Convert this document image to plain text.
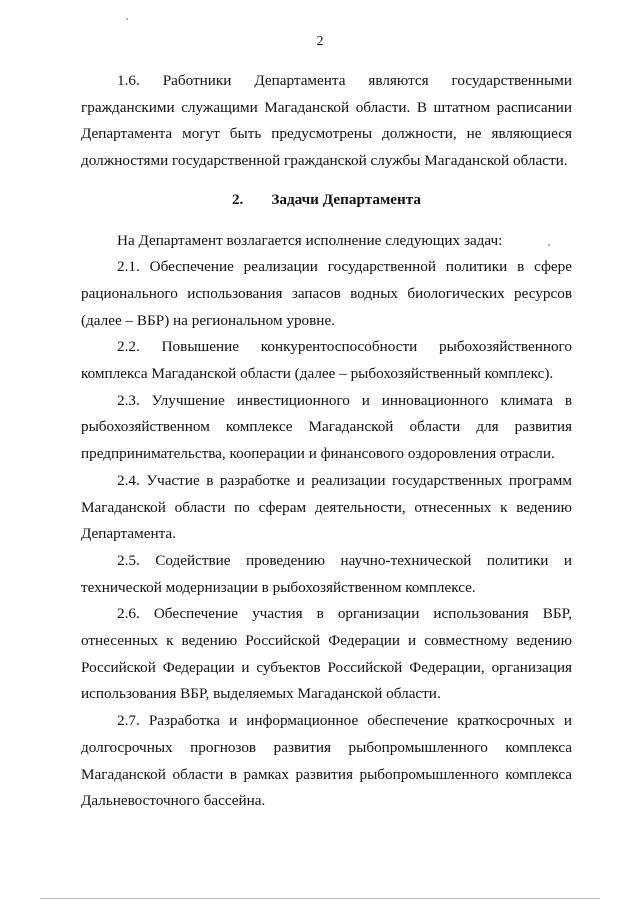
2

1.6. Работники Департамента являются государственными гражданскими служащими Магаданской области. В штатном расписании Департамента могут быть предусмотрены должности, не являющиеся должностями государственной гражданской службы Магаданской области.

2. Задачи Департамента

На Департамент возлагается исполнение следующих задач:

2.1. Обеспечение реализации государственной политики в сфере рационального использования запасов водных биологических ресурсов (далее – ВБР) на региональном уровне.

2.2. Повышение конкурентоспособности рыбохозяйственного комплекса Магаданской области (далее – рыбохозяйственный комплекс).

2.3. Улучшение инвестиционного и инновационного климата в рыбохозяйственном комплексе Магаданской области для развития предпринимательства, кооперации и финансового оздоровления отрасли.

2.4. Участие в разработке и реализации государственных программ Магаданской области по сферам деятельности, отнесенных к ведению Департамента.

2.5. Содействие проведению научно-технической политики и технической модернизации в рыбохозяйственном комплексе.

2.6. Обеспечение участия в организации использования ВБР, отнесенных к ведению Российской Федерации и совместному ведению Российской Федерации и субъектов Российской Федерации, организация использования ВБР, выделяемых Магаданской области.

2.7. Разработка и информационное обеспечение краткосрочных и долгосрочных прогнозов развития рыбопромышленного комплекса Магаданской области в рамках развития рыбопромышленного комплекса Дальневосточного бассейна.
